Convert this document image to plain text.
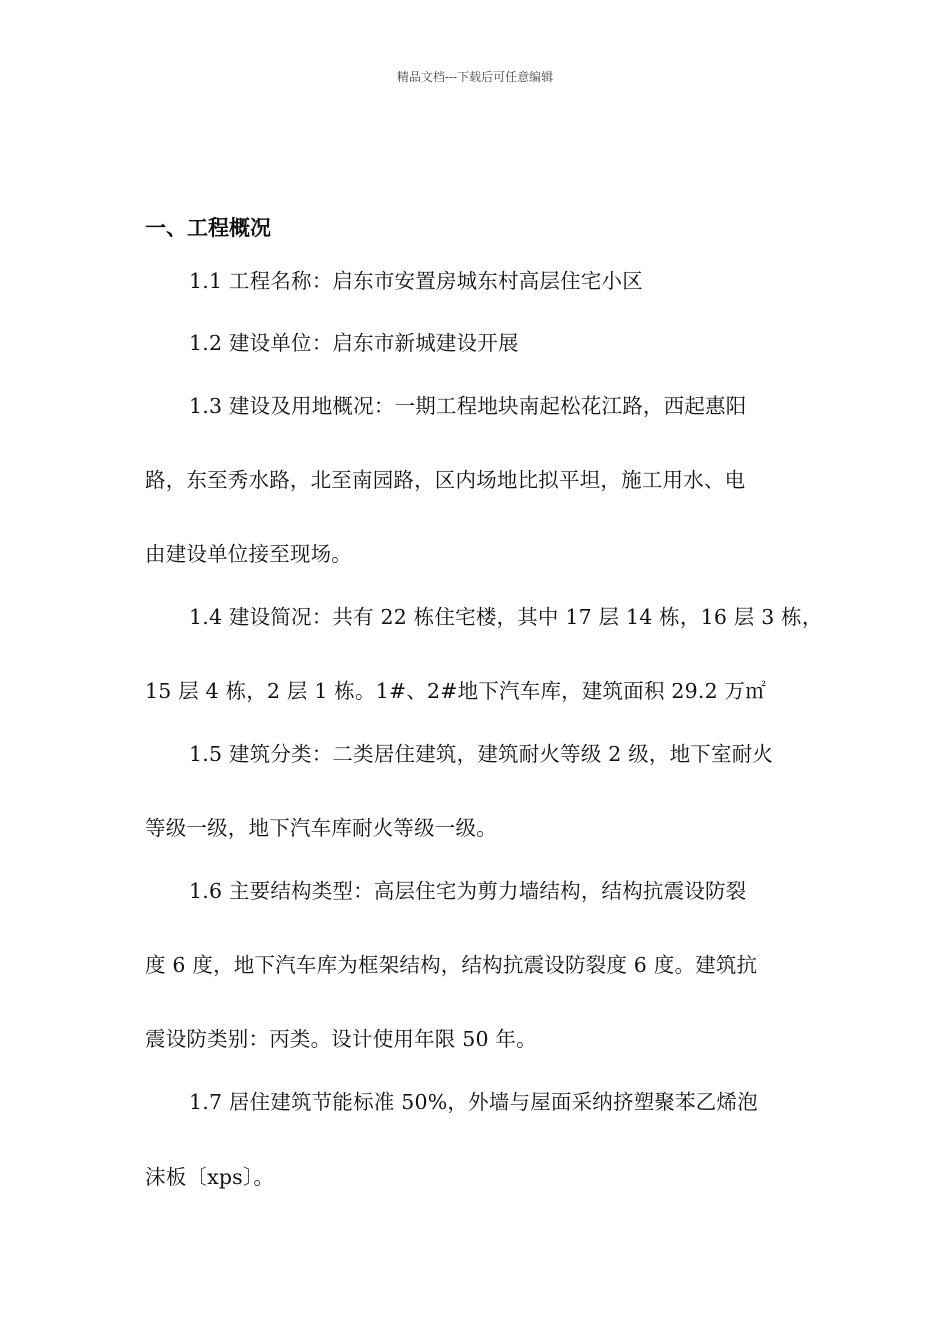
精品文档---下载后可任意编辑
一、工程概况
1.1 工程名称：启东市安置房城东村高层住宅小区
1.2 建设单位：启东市新城建设开展
1.3 建设及用地概况：一期工程地块南起松花江路，西起惠阳
路，东至秀水路，北至南园路，区内场地比拟平坦，施工用水、电
由建设单位接至现场。
1.4 建设简况：共有 22 栋住宅楼，其中 17 层 14 栋，16 层 3 栋，
15 层 4 栋，2 层 1 栋。1#、2#地下汽车库，建筑面积 29.2 万㎡
1.5 建筑分类：二类居住建筑，建筑耐火等级 2 级，地下室耐火
等级一级，地下汽车库耐火等级一级。
1.6 主要结构类型：高层住宅为剪力墙结构，结构抗震设防裂
度 6 度，地下汽车库为框架结构，结构抗震设防裂度 6 度。建筑抗
震设防类别：丙类。设计使用年限 50 年。
1.7 居住建筑节能标准 50%，外墙与屋面采纳挤塑聚苯乙烯泡
沫板〔xps〕。
